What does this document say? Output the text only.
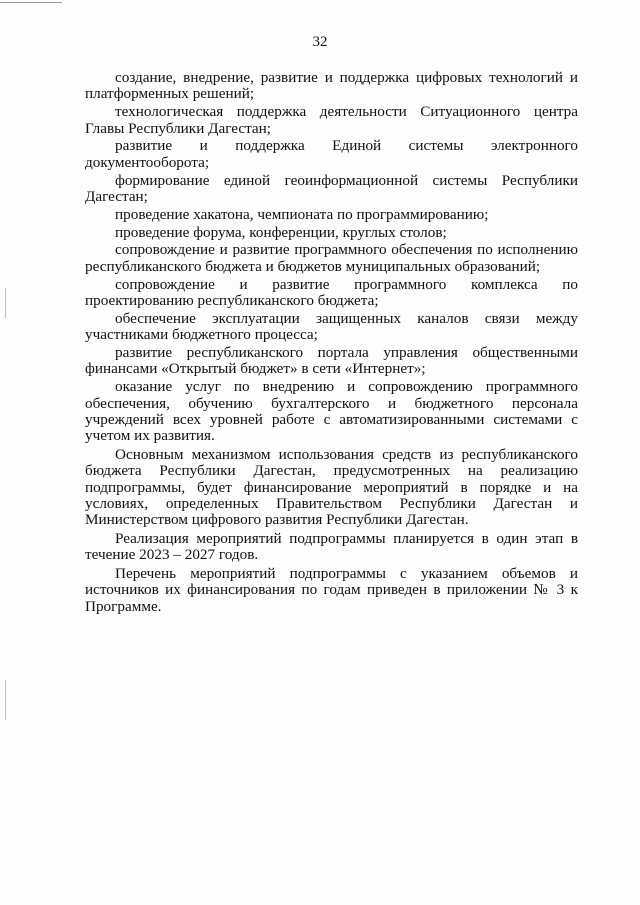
32

создание, внедрение, развитие и поддержка цифровых технологий и платформенных решений;

технологическая поддержка деятельности Ситуационного центра Главы Республики Дагестан;

развитие и поддержка Единой системы электронного документооборота;

формирование единой геоинформационной системы Республики Дагестан;

проведение хакатона, чемпионата по программированию;

проведение форума, конференции, круглых столов;

сопровождение и развитие программного обеспечения по исполнению республиканского бюджета и бюджетов муниципальных образований;

сопровождение и развитие программного комплекса по проектированию республиканского бюджета;

обеспечение эксплуатации защищенных каналов связи между участниками бюджетного процесса;

развитие республиканского портала управления общественными финансами «Открытый бюджет» в сети «Интернет»;

оказание услуг по внедрению и сопровождению программного обеспечения, обучению бухгалтерского и бюджетного персонала учреждений всех уровней работе с автоматизированными системами с учетом их развития.

Основным механизмом использования средств из республиканского бюджета Республики Дагестан, предусмотренных на реализацию подпрограммы, будет финансирование мероприятий в порядке и на условиях, определенных Правительством Республики Дагестан и Министерством цифрового развития Республики Дагестан.

Реализация мероприятий подпрограммы планируется в один этап в течение 2023 – 2027 годов.

Перечень мероприятий подпрограммы с указанием объемов и источников их финансирования по годам приведен в приложении № 3 к Программе.
